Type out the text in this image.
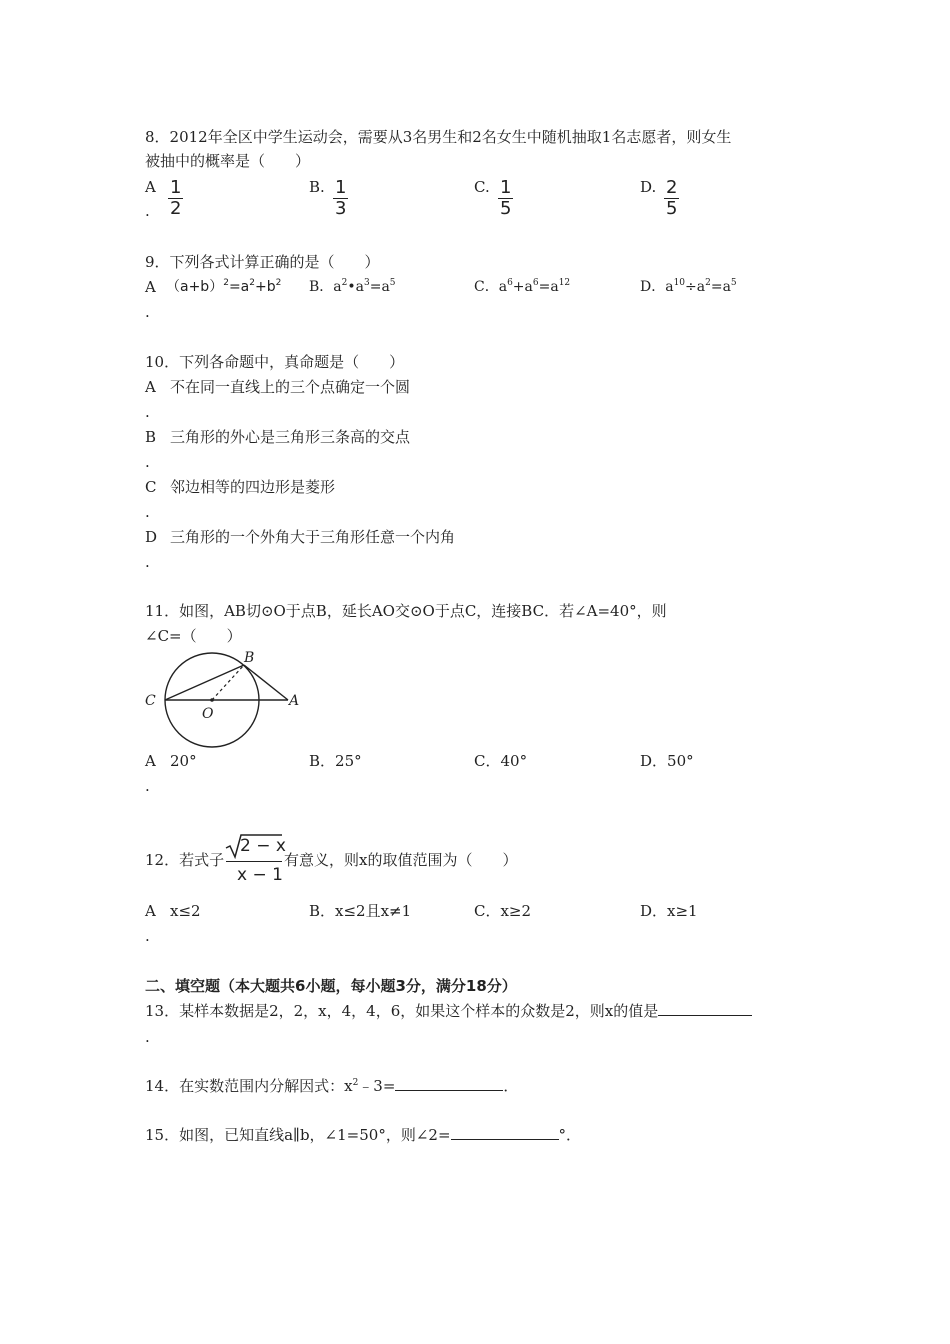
8．2012年全区中学生运动会，需要从3名男生和2名女生中随机抽取1名志愿者，则女生
被抽中的概率是（　　）
A
.
1
2
B. 1
3
C. 1
5
D. 2
5
9．下列各式计算正确的是（　　）
A
.
$(a+b)^2=a^2+b^2$ B．$a^2•a^3=a^5$	C．$a^6+a^6=a^{12}$	D．$a^{10}\div a^2=a^5$
10．下列各命题中，真命题是（　　）
A 不在同一直线上的三个点确定一个圆
.
B 三角形的外心是三角形三条高的交点
.
C 邻边相等的四边形是菱形
.
D 三角形的一个外角大于三角形任意一个内角
.
11．如图，AB切⊙O于点B，延长AO交⊙O于点C，连接BC．若∠A=40°，则
∠C=（　　）
B
C
O
A
A
.
20°	B．25°	C．40°	D．50°
12．若式子
2 − x
x − 1
有意义，则x的取值范围为（　　）
A
.
x≤2	B．x≤2且x≠1	C．x≥2	D．x≥1
二、填空题（本大题共6小题，每小题3分，满分18分）
13．某样本数据是2，2，x，4，4，6，如果这个样本的众数是2，则x的值是
.
14．在实数范围内分解因式：$x^2﹣3=$	．
15．如图，已知直线a∥b，∠1=50°，则∠2=	°．
